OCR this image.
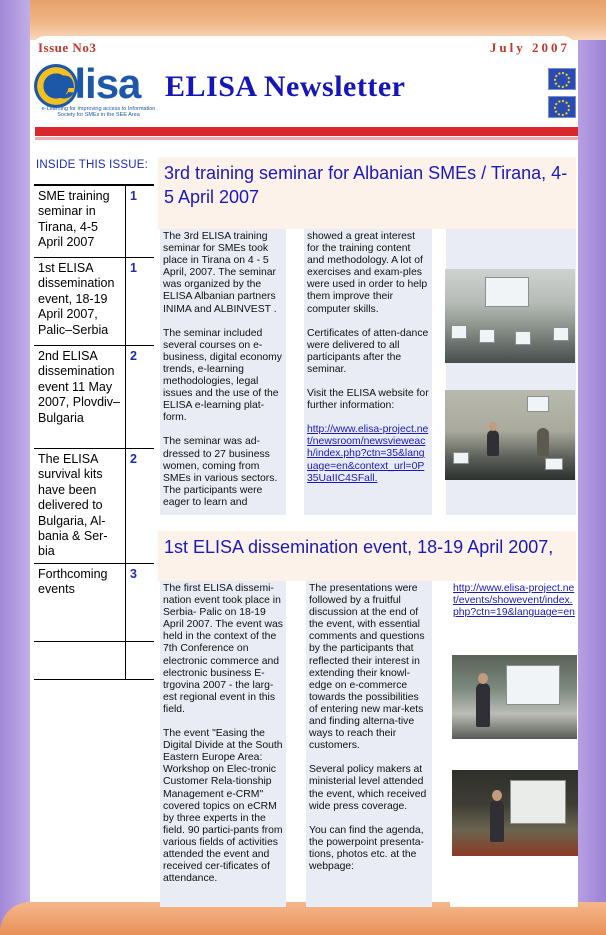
Issue No3	July 2007
elisa
e-Learning for Improving access to Information Society for SMEs in the SEE Area
ELISA Newsletter
INSIDE THIS ISSUE:
SME training seminar in Tirana, 4-5 April 2007
1
1st ELISA dissemination event, 18-19 April 2007, Palic–Serbia
1
2nd ELISA dissemination event 11 May 2007, Plovdiv–Bulgaria
2
The ELISA survival kits have been delivered to Bulgaria, Al-bania & Ser-bia
2
Forthcoming events
3
3rd training seminar for Albanian SMEs / Tirana, 4-5 April 2007

The 3rd ELISA training seminar for SMEs took place in Tirana on 4 - 5 April, 2007. The seminar was organized by the ELISA Albanian partners INIMA and ALBINVEST .

The seminar included several courses on e-business, digital economy trends, e-learning methodologies, legal issues and the use of the ELISA e-learning plat-form.

The seminar was ad-dressed to 27 business women, coming from SMEs in various sectors. The participants were eager to learn and

showed a great interest for the training content and methodology. A lot of exercises and exam-ples were used in order to help them improve their computer skills.

Certificates of atten-dance were delivered to all participants after the seminar.

Visit the ELISA website for further information:

http://www.elisa-project.net/newsroom/newsvieweach/index.php?ctn=35&language=en&context_url=0P35UaIIC4SFall.

1st ELISA dissemination event, 18-19 April 2007,

The first ELISA dissemi-nation event took place in Serbia- Palic on 18-19 April 2007. The event was held in the context of the 7th Conference on electronic commerce and electronic business E-trgovina 2007 - the larg-est regional event in this field.

The event "Easing the Digital Divide at the South Eastern Europe Area: Workshop on Elec-tronic Customer Rela-tionship Management e-CRM" covered topics on eCRM by three experts in the field. 90 partici-pants from various fields of activities attended the event and received cer-tificates of attendance.

The presentations were followed by a fruitful discussion at the end of the event, with essential comments and questions by the participants that reflected their interest in extending their knowl-edge on e-commerce towards the possibilities of entering new mar-kets and finding alterna-tive ways to reach their customers.

Several policy makers at ministerial level attended the event, which received wide press coverage.

You can find the agenda, the powerpoint presenta-tions, photos etc. at the webpage:

http://www.elisa-project.net/events/showevent/index.php?ctn=19&language=en
